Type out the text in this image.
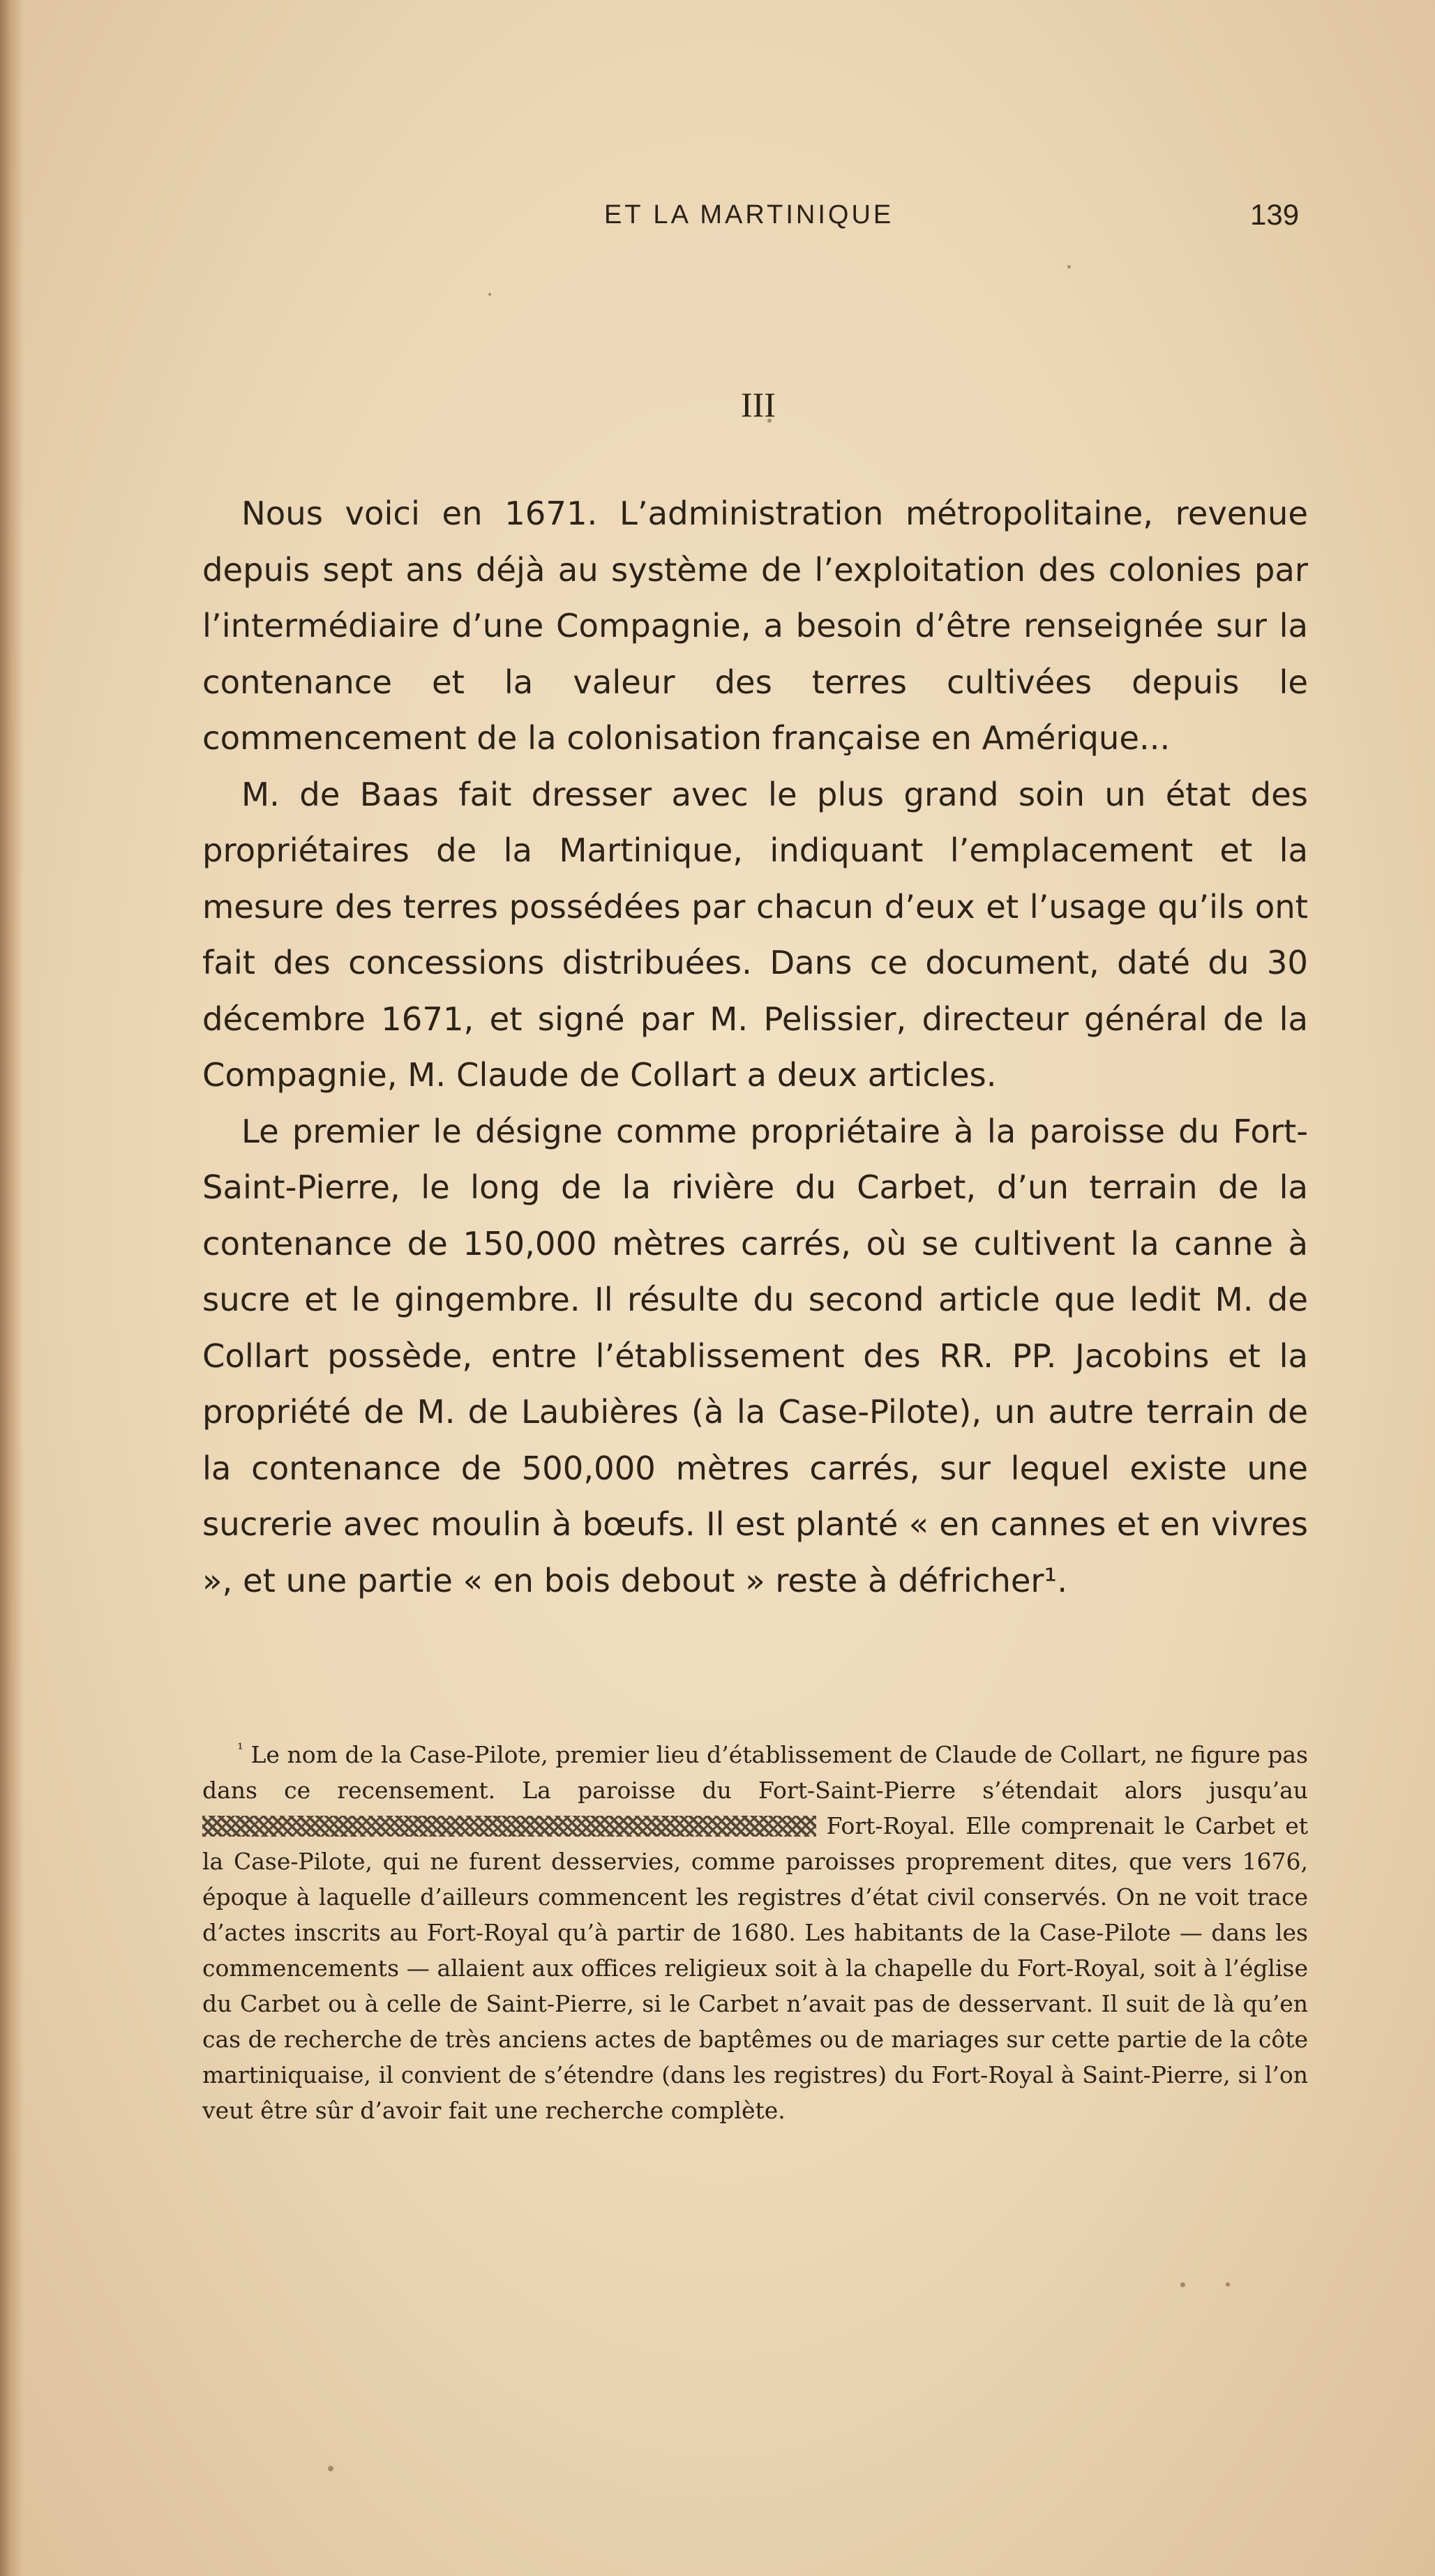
ET LA MARTINIQUE	139
III

Nous voici en 1671. L’administration métropolitaine, revenue depuis sept ans déjà au système de l’exploitation des colonies par l’intermédiaire d’une Compagnie, a besoin d’être renseignée sur la contenance et la valeur des terres cultivées depuis le commencement de la colonisation française en Amérique...

M. de Baas fait dresser avec le plus grand soin un état des propriétaires de la Martinique, indiquant l’emplacement et la mesure des terres possédées par chacun d’eux et l’usage qu’ils ont fait des concessions distribuées. Dans ce document, daté du 30 décembre 1671, et signé par M. Pelissier, directeur général de la Compagnie, M. Claude de Collart a deux articles.

Le premier le désigne comme propriétaire à la paroisse du Fort-Saint-Pierre, le long de la rivière du Carbet, d’un terrain de la contenance de 150,000 mètres carrés, où se cultivent la canne à sucre et le gingembre. Il résulte du second article que ledit M. de Collart possède, entre l’établissement des RR. PP. Jacobins et la propriété de M. de Laubières (à la Case-Pilote), un autre terrain de la contenance de 500,000 mètres carrés, sur lequel existe une sucrerie avec moulin à bœufs. Il est planté « en cannes et en vivres », et une partie « en bois debout » reste à défricher¹.

$^{^1}$ Le nom de la Case-Pilote, premier lieu d’établissement de Claude de Collart, ne figure pas dans ce recensement. La paroisse du Fort-Saint-Pierre s’étendait alors jusqu’au  Fort-Royal. Elle comprenait le Carbet et la Case-Pilote, qui ne furent desservies, comme paroisses proprement dites, que vers 1676, époque à laquelle d’ailleurs commencent les registres d’état civil conservés. On ne voit trace d’actes inscrits au Fort-Royal qu’à partir de 1680. Les habitants de la Case-Pilote — dans les commencements — allaient aux offices religieux soit à la chapelle du Fort-Royal, soit à l’église du Carbet ou à celle de Saint-Pierre, si le Carbet n’avait pas de desservant. Il suit de là qu’en cas de recherche de très anciens actes de baptêmes ou de mariages sur cette partie de la côte martiniquaise, il convient de s’étendre (dans les registres) du Fort-Royal à Saint-Pierre, si l’on veut être sûr d’avoir fait une recherche complète.
